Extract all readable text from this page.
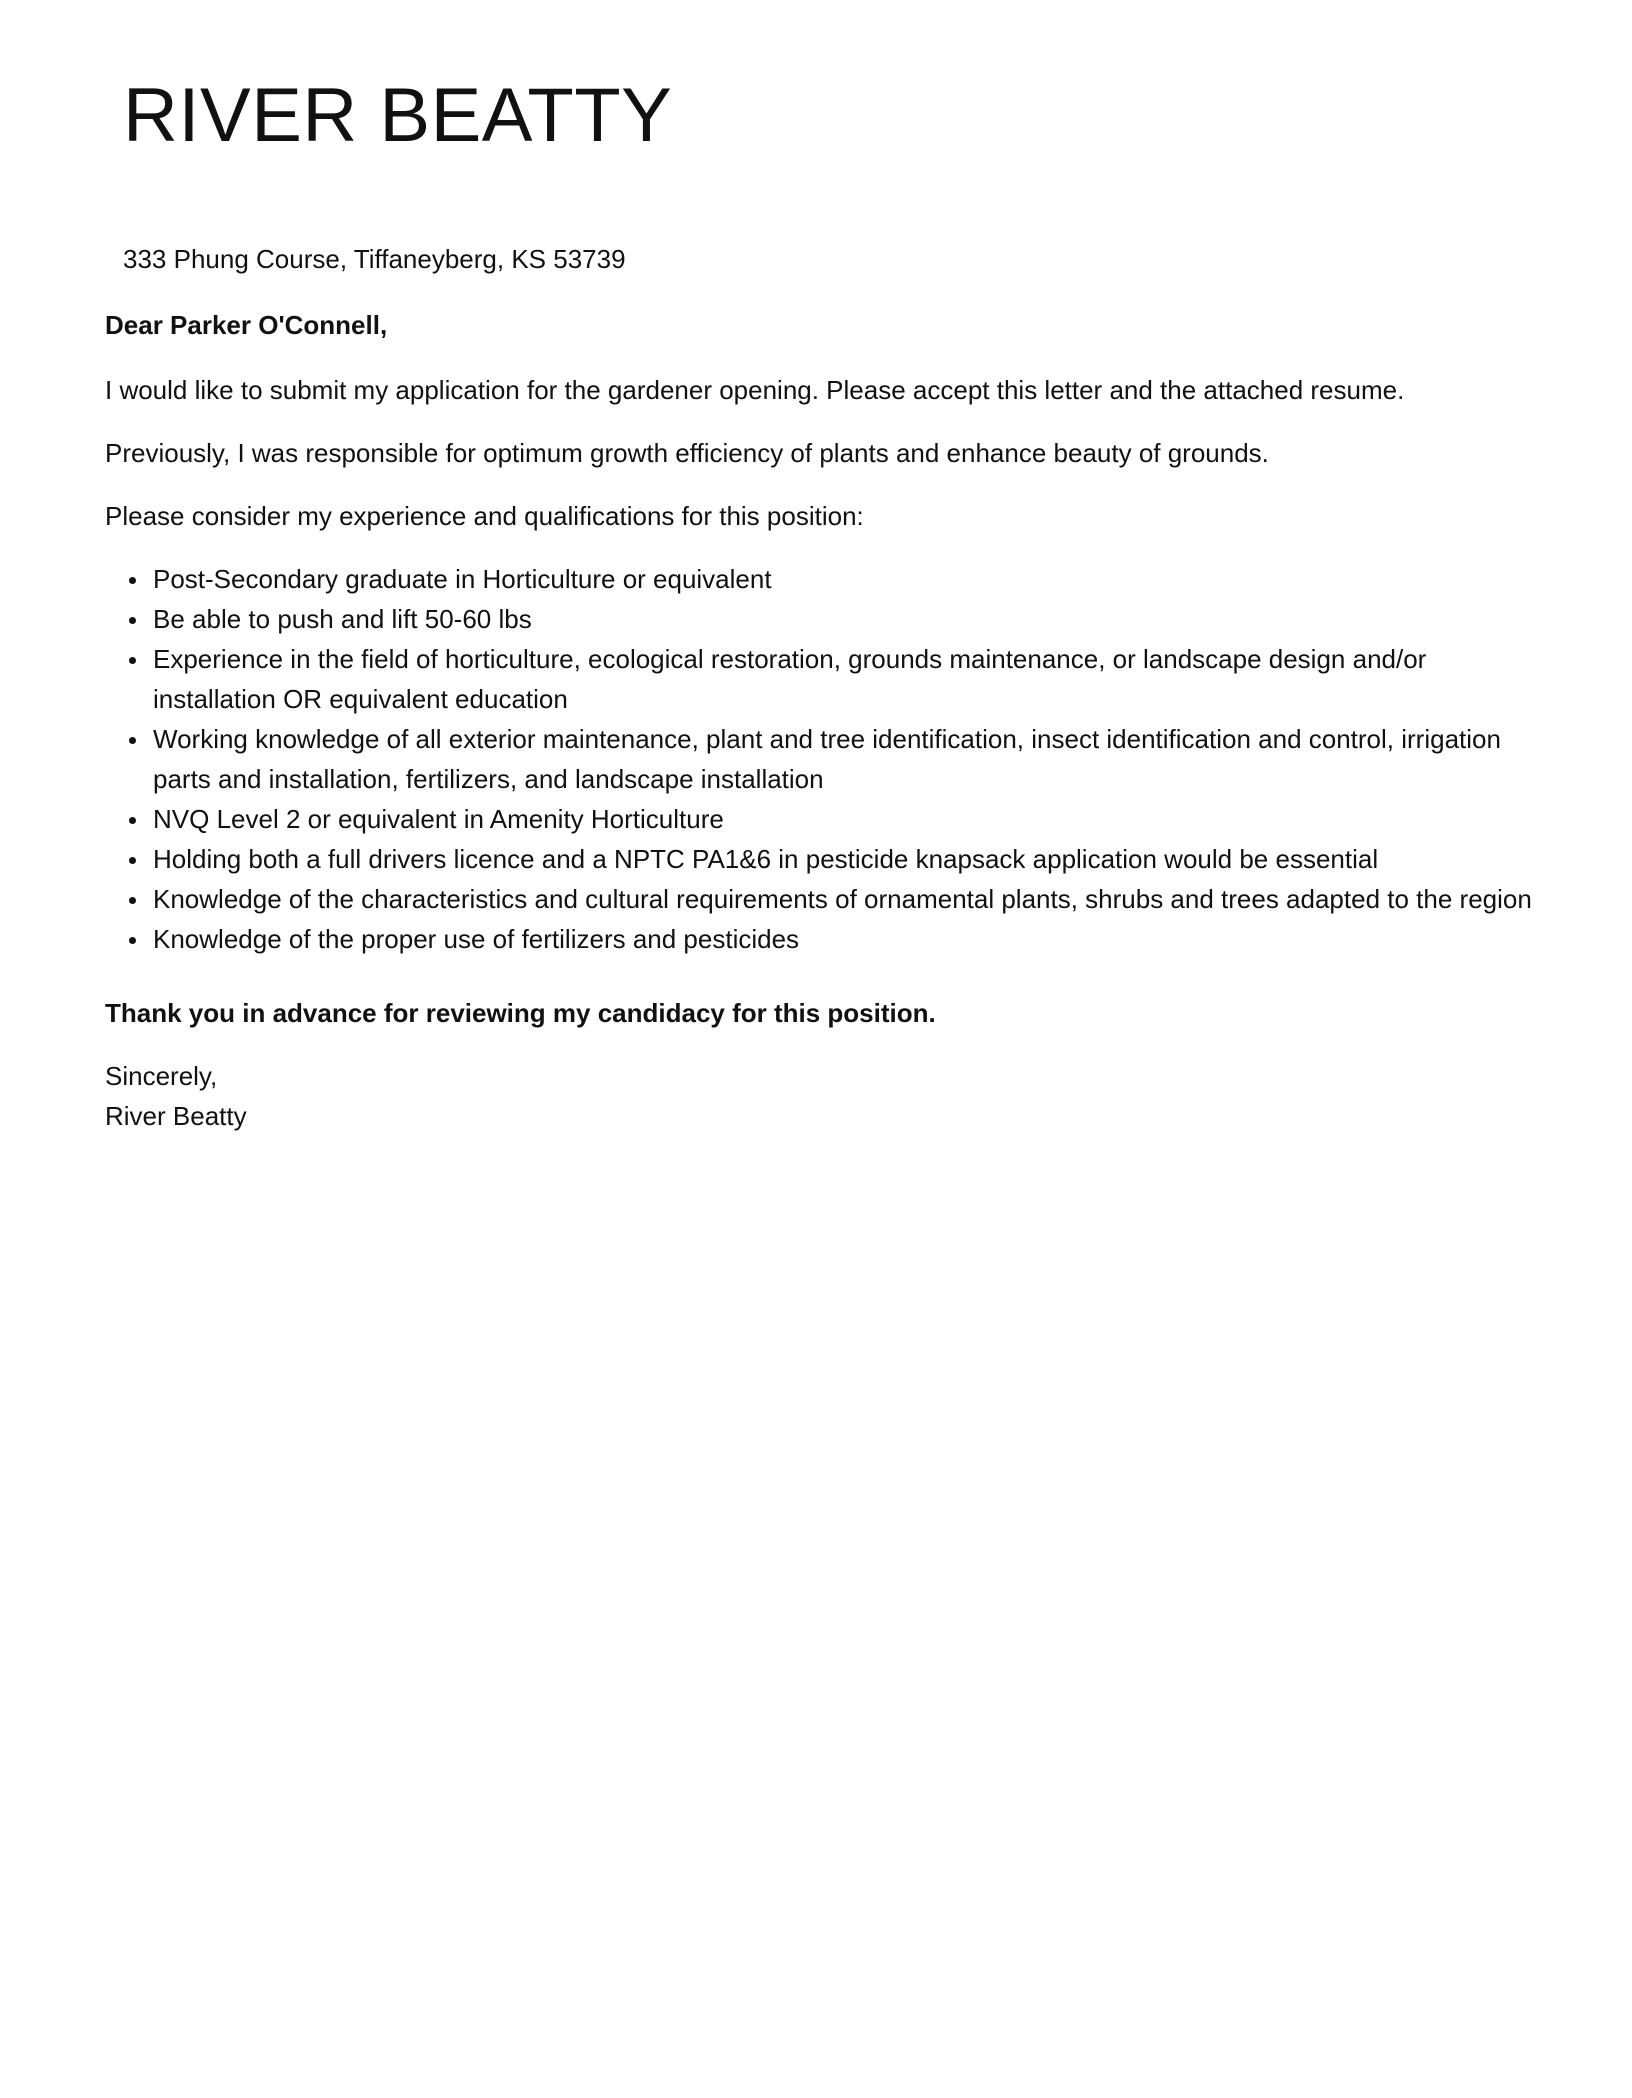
RIVER BEATTY
333 Phung Course, Tiffaneyberg, KS 53739

Dear Parker O'Connell,

I would like to submit my application for the gardener opening. Please accept this letter and the attached resume.

Previously, I was responsible for optimum growth efficiency of plants and enhance beauty of grounds.

Please consider my experience and qualifications for this position:

Post-Secondary graduate in Horticulture or equivalent
Be able to push and lift 50-60 lbs
Experience in the field of horticulture, ecological restoration, grounds maintenance, or landscape design and/or installation OR equivalent education
Working knowledge of all exterior maintenance, plant and tree identification, insect identification and control, irrigation parts and installation, fertilizers, and landscape installation
NVQ Level 2 or equivalent in Amenity Horticulture
Holding both a full drivers licence and a NPTC PA1&6 in pesticide knapsack application would be essential
Knowledge of the characteristics and cultural requirements of ornamental plants, shrubs and trees adapted to the region
Knowledge of the proper use of fertilizers and pesticides

Thank you in advance for reviewing my candidacy for this position.

Sincerely,

River Beatty
